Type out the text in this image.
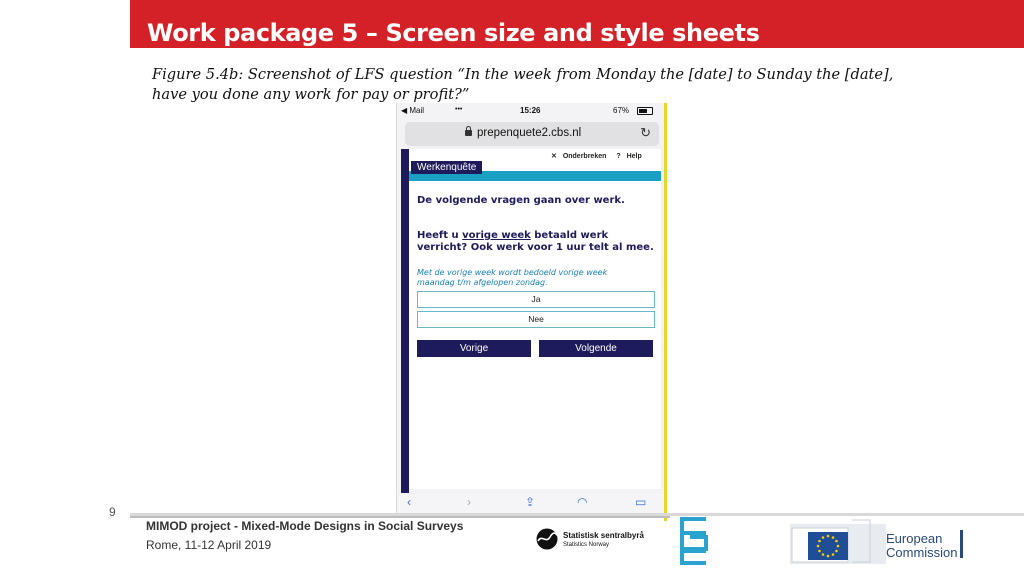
Work package 5 – Screen size and style sheets
Figure 5.4b: Screenshot of LFS question “In the week from Monday the [date] to Sunday the [date], have you done any work for pay or profit?”
◀ Mail	•••	15:26	67%
prepenquete2.cbs.nl	↻
✕ Onderbreken ? Help
Werkenquête
De volgende vragen gaan over werk.
Heeft u vorige week betaald werk verricht? Ook werk voor 1 uur telt al mee.
Met de vorige week wordt bedoeld vorige week maandag t/m afgelopen zondag.
Ja
Nee
Vorige	Volgende
‹	›	⇪	◠	▭
9
MIMOD project - Mixed-Mode Designs in Social Surveys
Rome, 11-12 April 2019
Statistisk sentralbyrå
Statistics Norway	European
Commission
